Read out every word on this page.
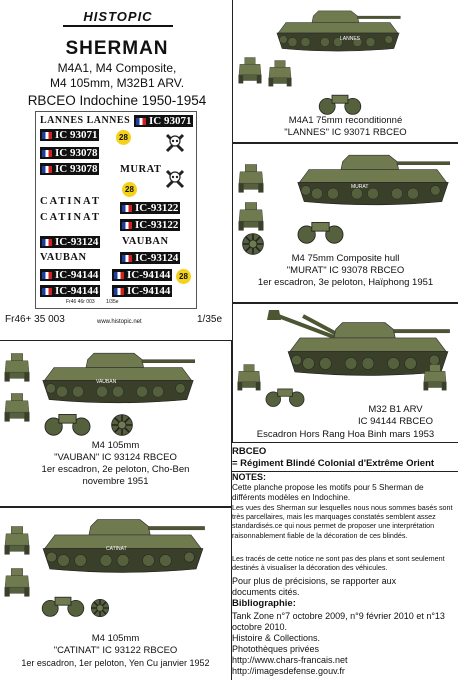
HISTOPIC
SHERMAN
M4A1, M4 Composite,
M4 105mm, M32B1 ARV.
RBCEO Indochine 1950-1954
LANNES LANNES	IC 93071
IC 93071	28
IC 93078
IC 93078 MURAT
28
CATINAT
IC-93122
CATINAT
IC-93122
IC-93124 VAUBAN
VAUBAN	IC-93124
IC-94144	IC-94144	28
IC-94144	IC-94144
Fr46 46r 003 1/35e
Fr46+ 35 003	www.histopic.net	1/35e
LANNES
M4A1 75mm reconditionné
"LANNES" IC 93071 RBCEO
MURAT
M4 75mm Composite hull
"MURAT" IC 93078 RBCEO
1er escadron, 3e peloton, Haïphong 1951
VAUBAN
M4 105mm
"VAUBAN" IC 93124 RBCEO
1er escadron, 2e peloton, Cho-Ben
novembre 1951
M32 B1 ARV
IC 94144 RBCEO
Escadron Hors Rang Hoa Binh mars 1953
CATINAT
M4 105mm
"CATINAT" IC 93122 RBCEO
1er escadron, 1er peloton, Yen Cu janvier 1952
RBCEO
= Régiment Blindé Colonial d'Extrême Orient
NOTES:
Cette planche propose les motifs pour 5 Sherman de différents modèles en Indochine.
Les vues des Sherman sur lesquelles nous nous sommes basés sont très parcellaires, mais les marquages constatés semblent assez standardisés.ce qui nous permet de proposer une interprétation raisonnablement fiable de la décoration de ces blindés.
Les tracés de cette notice ne sont pas des plans et sont seulement destinés à visualiser la décoration des véhicules.
Pour plus de précisions, se rapporter aux documents cités.
Bibliographie:
Tank Zone n°7 octobre 2009, n°9 février 2010 et n°13 octobre 2010.
Histoire & Collections.
Photothèques privées
http://www.chars-francais.net
http://imagesdefense.gouv.fr
